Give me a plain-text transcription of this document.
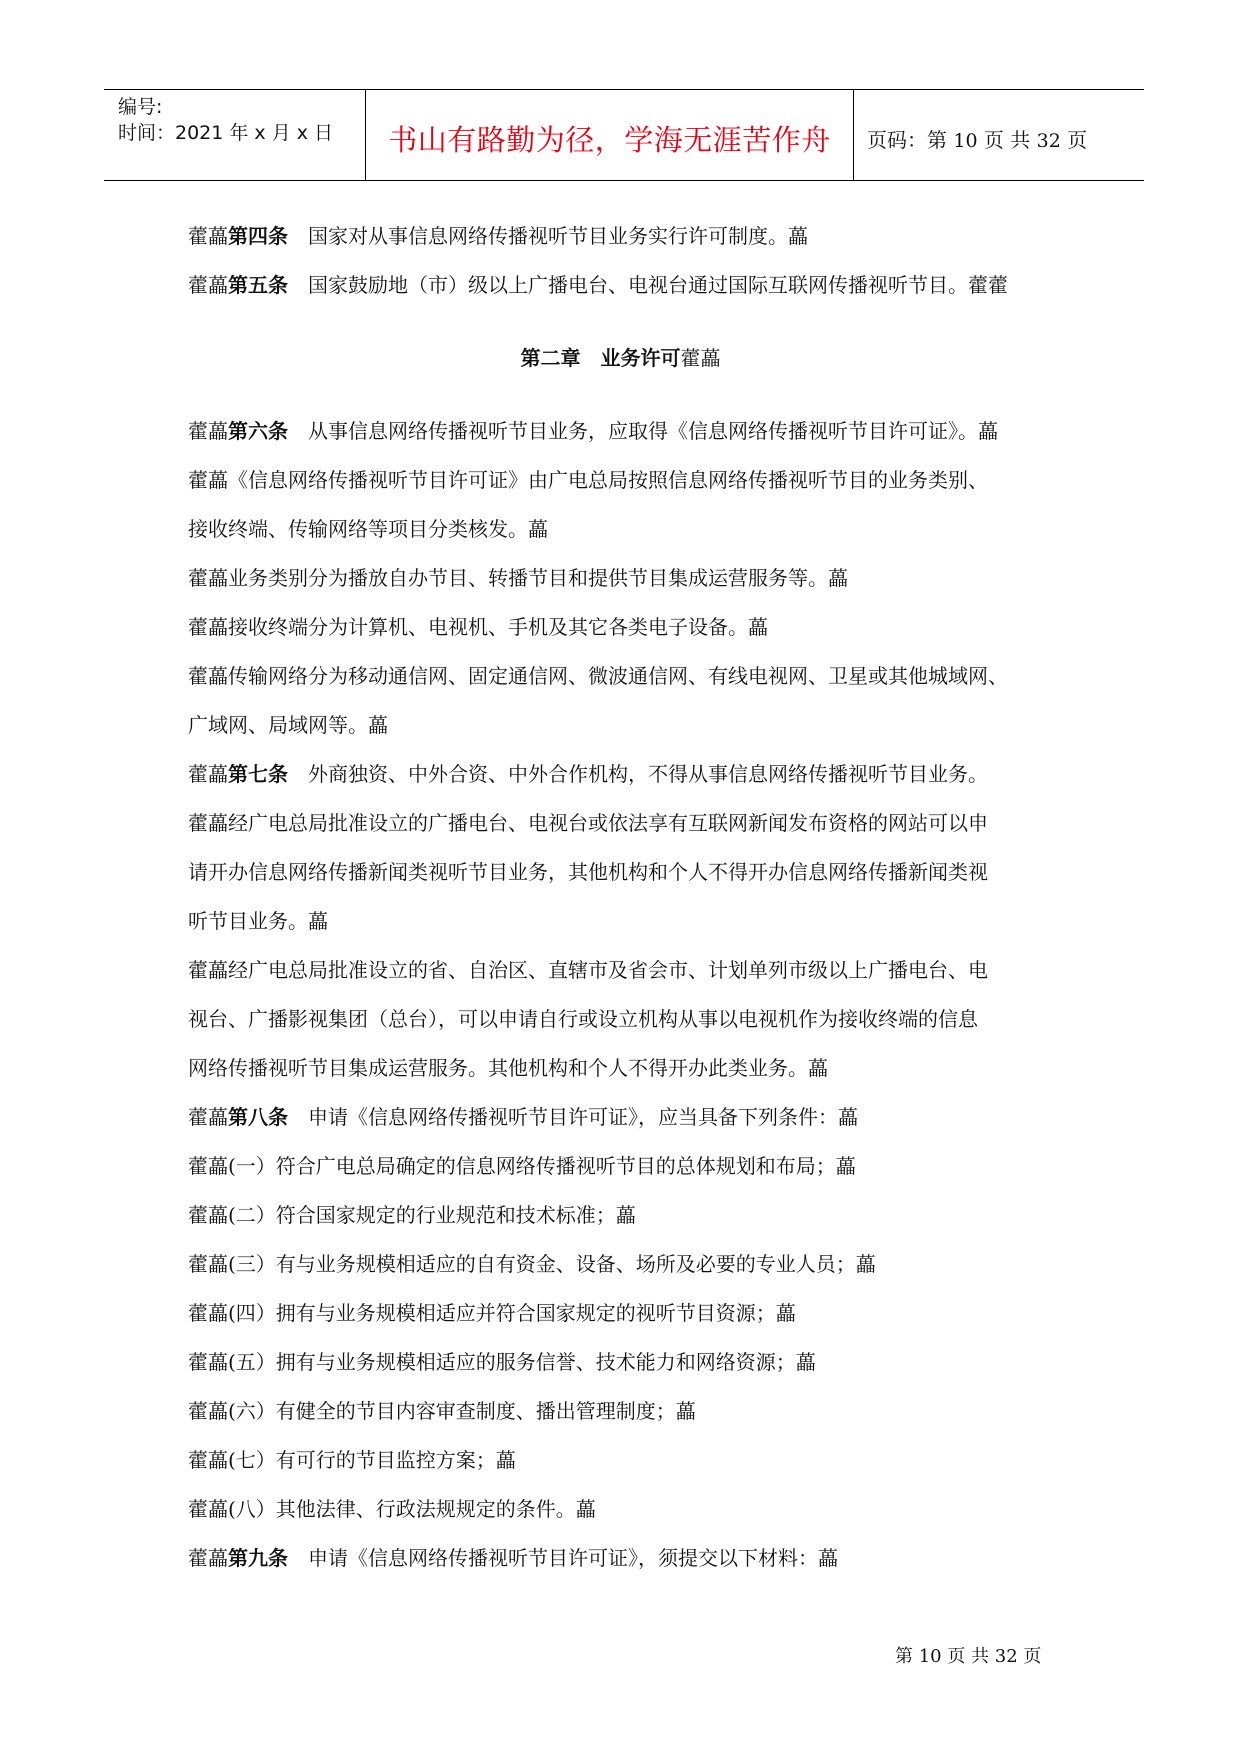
编号:
时间：2021 年 x 月 x 日	书山有路勤为径，学海无涯苦作舟	页码：第 10 页 共 32 页
藿藟第四条　国家对从事信息网络传播视听节目业务实行许可制度。藟
藿藟第五条　国家鼓励地（市）级以上广播电台、电视台通过国际互联网传播视听节目。藿藿
第二章　业务许可藿藟
藿藟第六条　从事信息网络传播视听节目业务，应取得《信息网络传播视听节目许可证》。藟
藿藟《信息网络传播视听节目许可证》由广电总局按照信息网络传播视听节目的业务类别、
接收终端、传输网络等项目分类核发。藟
藿藟业务类别分为播放自办节目、转播节目和提供节目集成运营服务等。藟
藿藟接收终端分为计算机、电视机、手机及其它各类电子设备。藟
藿藟传输网络分为移动通信网、固定通信网、微波通信网、有线电视网、卫星或其他城域网、
广域网、局域网等。藟
藿藟第七条　外商独资、中外合资、中外合作机构，不得从事信息网络传播视听节目业务。
藿藟经广电总局批准设立的广播电台、电视台或依法享有互联网新闻发布资格的网站可以申
请开办信息网络传播新闻类视听节目业务，其他机构和个人不得开办信息网络传播新闻类视
听节目业务。藟
藿藟经广电总局批准设立的省、自治区、直辖市及省会市、计划单列市级以上广播电台、电
视台、广播影视集团（总台），可以申请自行或设立机构从事以电视机作为接收终端的信息
网络传播视听节目集成运营服务。其他机构和个人不得开办此类业务。藟
藿藟第八条　申请《信息网络传播视听节目许可证》，应当具备下列条件：藟
藿藟(一）符合广电总局确定的信息网络传播视听节目的总体规划和布局；藟
藿藟(二）符合国家规定的行业规范和技术标准；藟
藿藟(三）有与业务规模相适应的自有资金、设备、场所及必要的专业人员；藟
藿藟(四）拥有与业务规模相适应并符合国家规定的视听节目资源；藟
藿藟(五）拥有与业务规模相适应的服务信誉、技术能力和网络资源；藟
藿藟(六）有健全的节目内容审查制度、播出管理制度；藟
藿藟(七）有可行的节目监控方案；藟
藿藟(八）其他法律、行政法规规定的条件。藟
藿藟第九条　申请《信息网络传播视听节目许可证》，须提交以下材料：藟
第 10 页 共 32 页
